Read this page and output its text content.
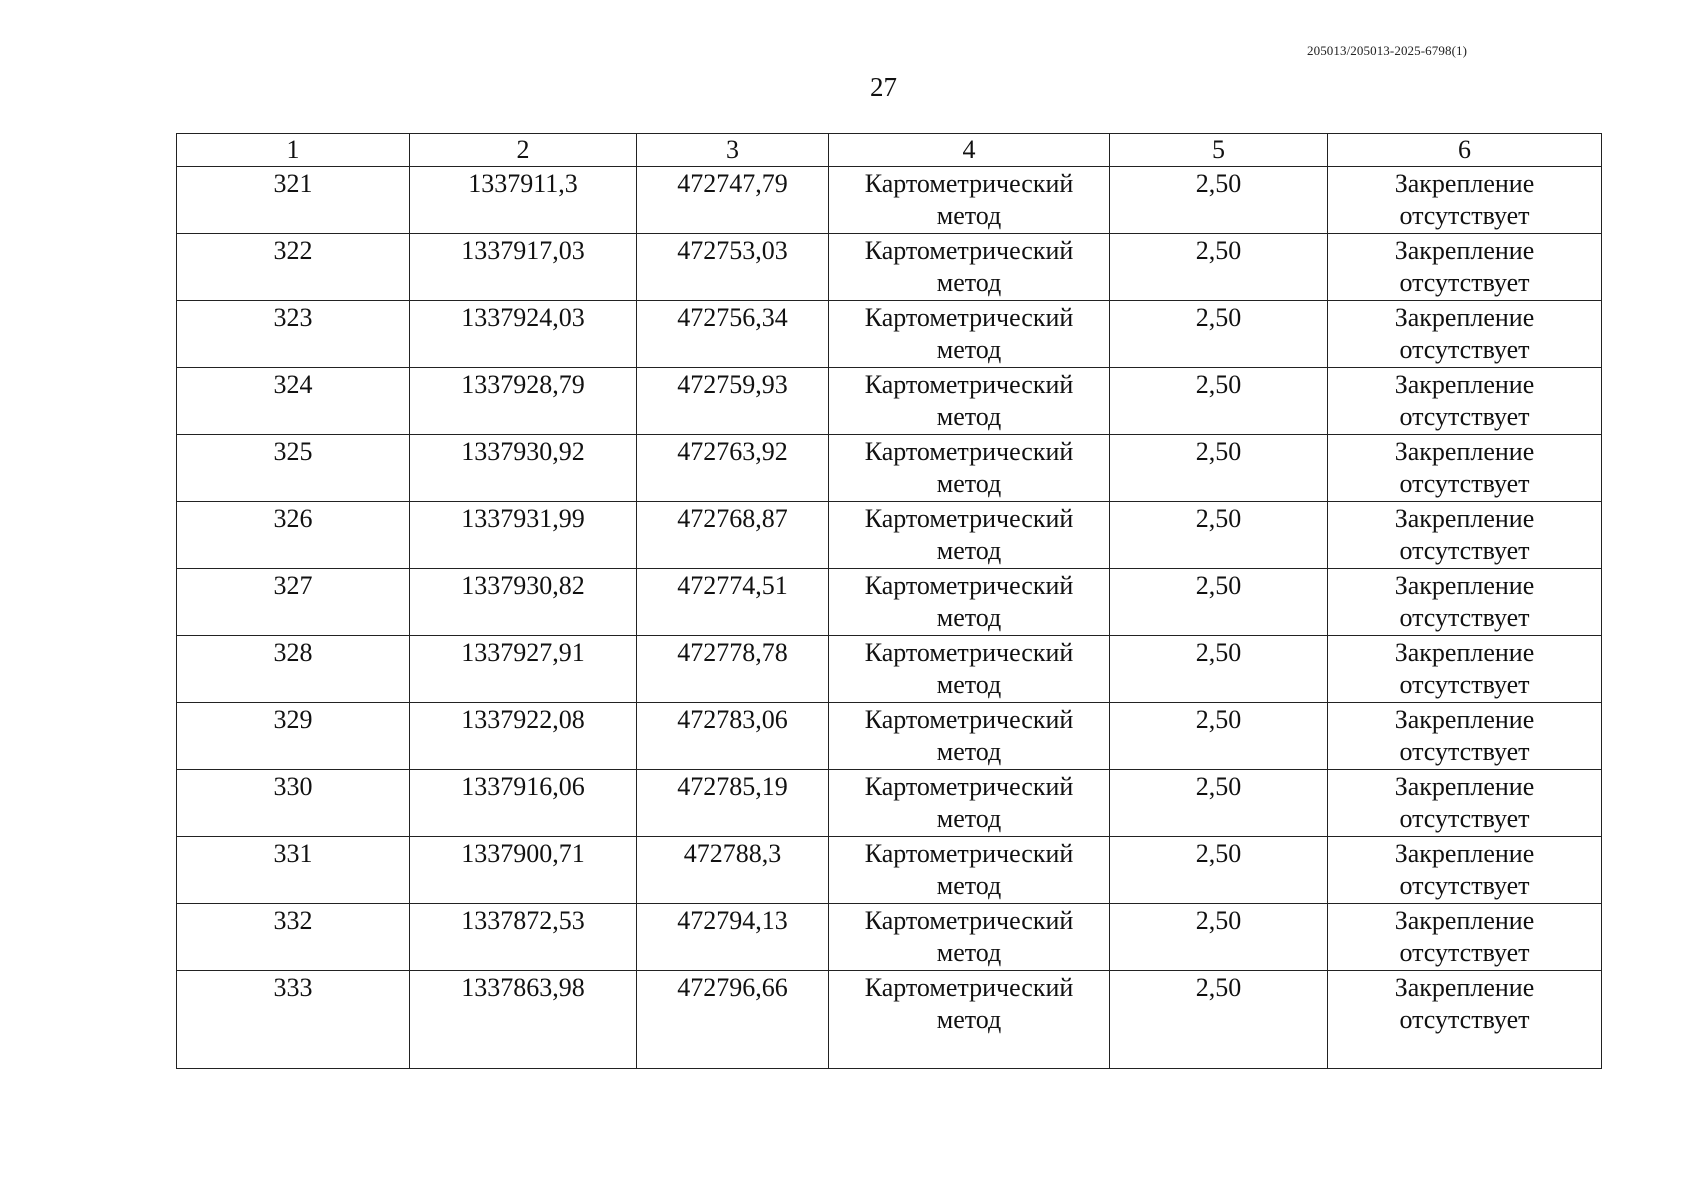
205013/205013-2025-6798(1)
27
1	2	3	4	5	6
321	1337911,3	472747,79	Картометрический метод	2,50	Закрепление отсутствует
322	1337917,03	472753,03	Картометрический метод	2,50	Закрепление отсутствует
323	1337924,03	472756,34	Картометрический метод	2,50	Закрепление отсутствует
324	1337928,79	472759,93	Картометрический метод	2,50	Закрепление отсутствует
325	1337930,92	472763,92	Картометрический метод	2,50	Закрепление отсутствует
326	1337931,99	472768,87	Картометрический метод	2,50	Закрепление отсутствует
327	1337930,82	472774,51	Картометрический метод	2,50	Закрепление отсутствует
328	1337927,91	472778,78	Картометрический метод	2,50	Закрепление отсутствует
329	1337922,08	472783,06	Картометрический метод	2,50	Закрепление отсутствует
330	1337916,06	472785,19	Картометрический метод	2,50	Закрепление отсутствует
331	1337900,71	472788,3	Картометрический метод	2,50	Закрепление отсутствует
332	1337872,53	472794,13	Картометрический метод	2,50	Закрепление отсутствует
333	1337863,98	472796,66	Картометрический метод	2,50	Закрепление отсутствует
